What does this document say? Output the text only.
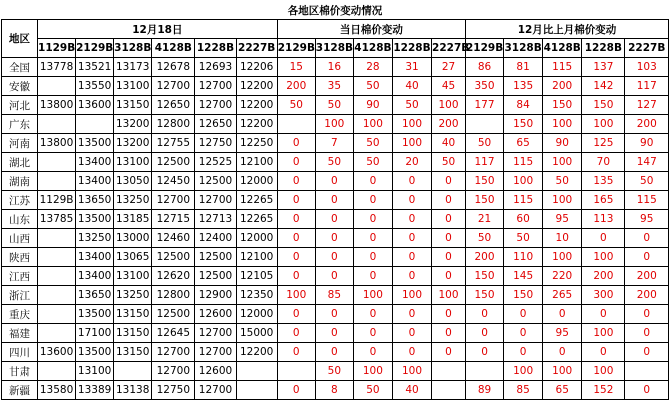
各地区棉价变动情况																
地区	12月18日						当日棉价变动					12月比上月棉价变动				
	1129B	2129B	3128B	4128B	1228B	2227B	2129B	3128B	4128B	1228B	2227B	2129B	3128B	4128B	1228B	2227B
全国	13778	13521	13173	12678	12693	12206	15	16	28	31	27	86	81	115	137	103
安徽		13550	13100	12700	12700	12200	200	35	50	40	45	350	135	200	142	117
河北	13800	13600	13150	12650	12700	12200	50	50	90	50	100	177	84	150	150	127
广东			13200	12800	12650	12200		100	100	100	200		150	100	100	200
河南	13800	13500	13200	12755	12750	12250	0	7	50	100	40	50	65	90	125	90
湖北		13400	13100	12500	12525	12100	0	50	50	20	50	117	115	100	70	147
湖南		13400	13050	12450	12500	12000	0	0	0	0	0	150	100	50	135	50
江苏	1129B	13650	13250	12700	12700	12265	0	0	0	0	0	150	115	100	165	115
山东	13785	13500	13185	12715	12713	12265	0	0	0	0	0	21	60	95	113	95
山西		13250	13000	12460	12400	12000	0	0	0	0	0	50	50	10	0	0
陕西		13400	13065	12500	12500	12100	0	0	0	0	0	200	110	100	100	0
江西		13400	13100	12620	12500	12105	0	0	0	0	0	150	145	220	200	200
浙江		13650	13250	12800	12900	12350	100	85	100	100	100	150	150	265	300	200
重庆		13500	13150	12500	12600	12000	0	0	0	0	0	0	0	0	0	0
福建		17100	13150	12645	12700	15000	0	0	0	0	0	0	0	95	100	0
四川	13600	13500	13150	12700	12700	12200	0	0	0	0	0	0	0	0	0	0
甘肃		13100		12700	12600			50	100	100			100	100	100	
新疆	13580	13389	13138	12750	12700		0	8	50	40		89	85	65	152	0
